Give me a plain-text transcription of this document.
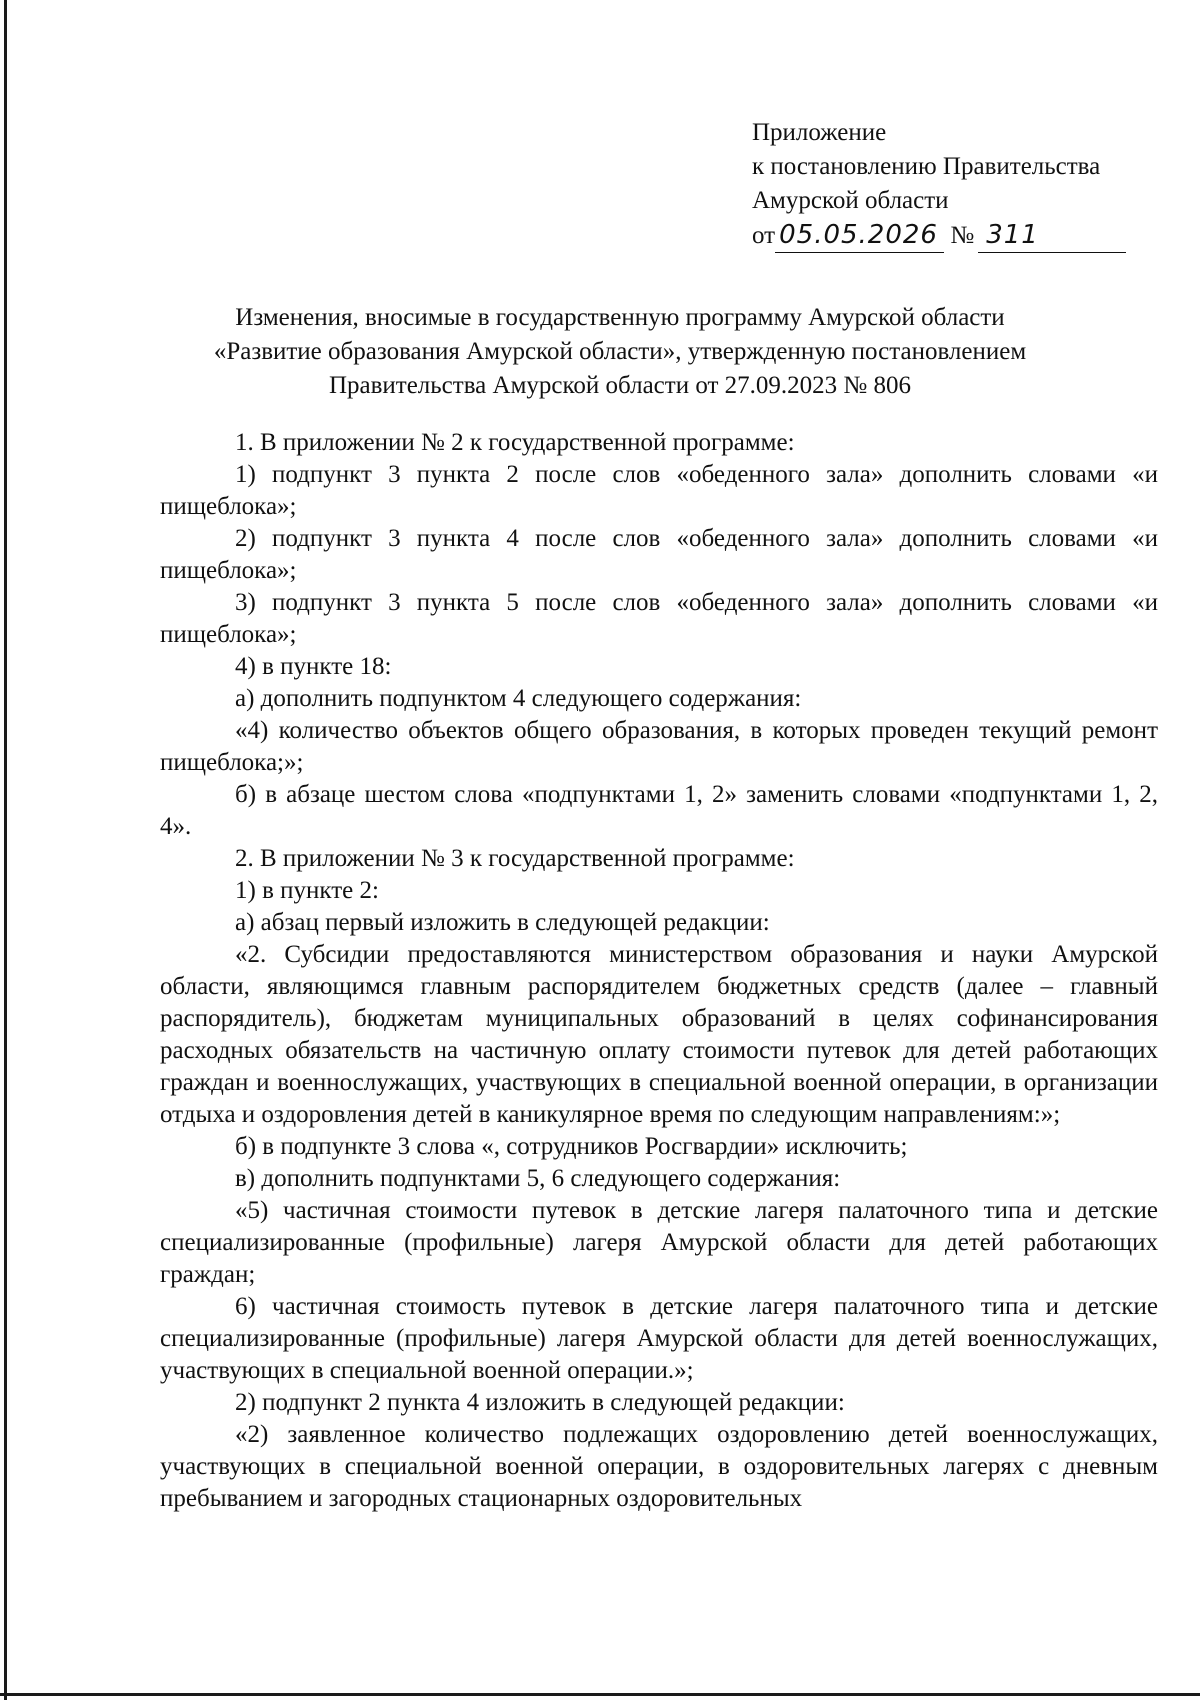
Приложение
к постановлению Правительства
Амурской области
от 05.05.2026 № 311
Изменения, вносимые в государственную программу Амурской области
«Развитие образования Амурской области», утвержденную постановлением
Правительства Амурской области от 27.09.2023 № 806

1. В приложении № 2 к государственной программе:

1) подпункт 3 пункта 2 после слов «обеденного зала» дополнить словами «и пищеблока»;

2) подпункт 3 пункта 4 после слов «обеденного зала» дополнить словами «и пищеблока»;

3) подпункт 3 пункта 5 после слов «обеденного зала» дополнить словами «и пищеблока»;

4) в пункте 18:

а) дополнить подпунктом 4 следующего содержания:

«4) количество объектов общего образования, в которых проведен текущий ремонт пищеблока;»;

б) в абзаце шестом слова «подпунктами 1, 2» заменить словами «подпунктами 1, 2, 4».

2. В приложении № 3 к государственной программе:

1) в пункте 2:

а) абзац первый изложить в следующей редакции:

«2. Субсидии предоставляются министерством образования и науки Амурской области, являющимся главным распорядителем бюджетных средств (далее – главный распорядитель), бюджетам муниципальных образований в целях софинансирования расходных обязательств на частичную оплату стоимости путевок для детей работающих граждан и военнослужащих, участвующих в специальной военной операции, в организации отдыха и оздоровления детей в каникулярное время по следующим направлениям:»;

б) в подпункте 3 слова «, сотрудников Росгвардии» исключить;

в) дополнить подпунктами 5, 6 следующего содержания:

«5) частичная стоимости путевок в детские лагеря палаточного типа и детские специализированные (профильные) лагеря Амурской области для детей работающих граждан;

6) частичная стоимость путевок в детские лагеря палаточного типа и детские специализированные (профильные) лагеря Амурской области для детей военнослужащих, участвующих в специальной военной операции.»;

2) подпункт 2 пункта 4 изложить в следующей редакции:

«2) заявленное количество подлежащих оздоровлению детей военнослужащих, участвующих в специальной военной операции, в оздоровительных лагерях с дневным пребыванием и загородных стационарных оздоровительных
